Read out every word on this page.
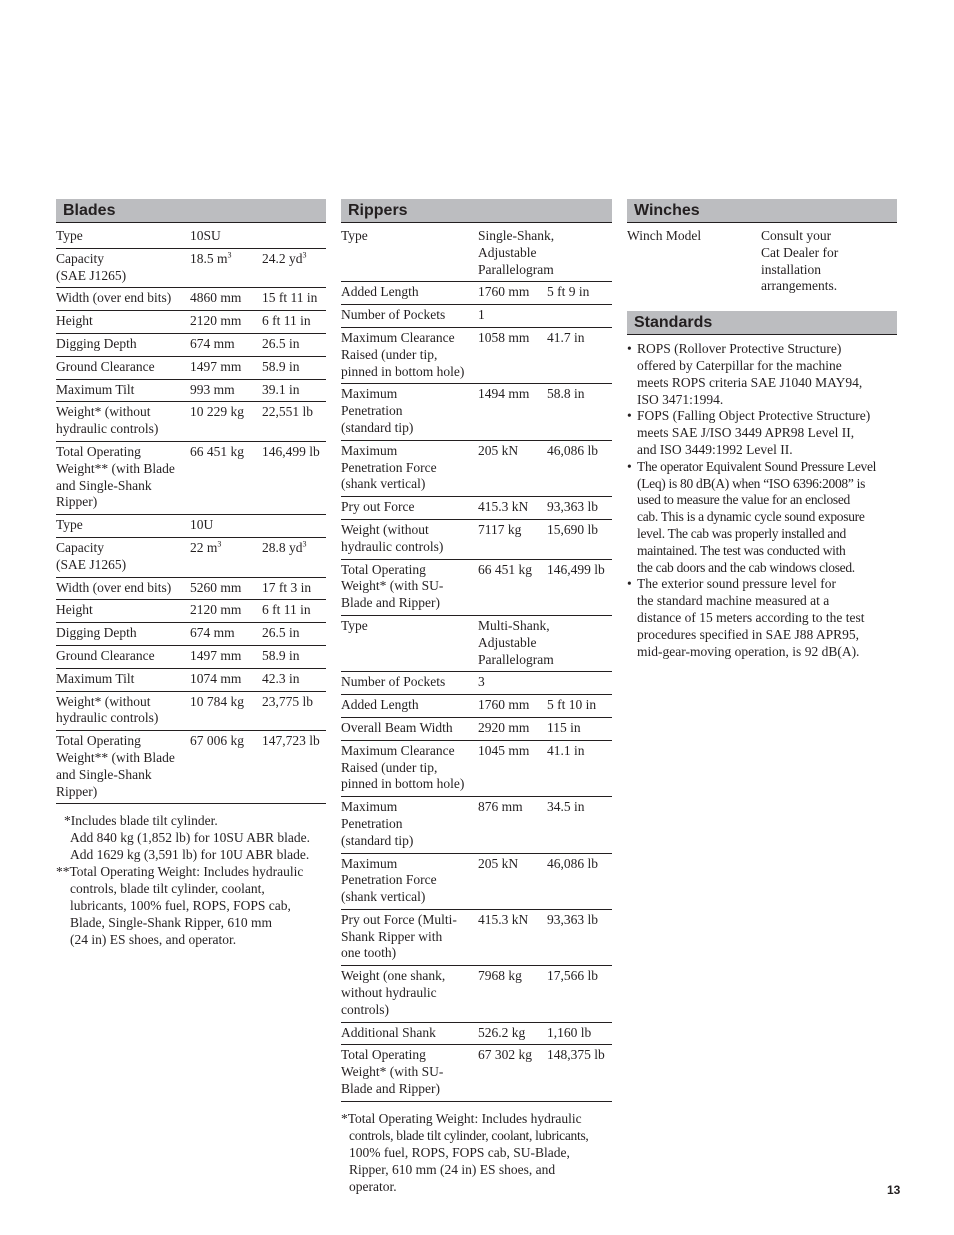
Blades
Type	10SU	
Capacity
(SAE J1265)	18.5 $m^3$	24.2 $yd^3$
Width (over end bits)	4860 mm	15 ft 11 in
Height	2120 mm	6 ft 11 in
Digging Depth	674 mm	26.5 in
Ground Clearance	1497 mm	58.9 in
Maximum Tilt	993 mm	39.1 in
Weight* (without
hydraulic controls)	10 229 kg	22,551 lb
Total Operating
Weight** (with Blade
and Single-Shank
Ripper)	66 451 kg	146,499 lb
Type	10U	
Capacity
(SAE J1265)	22 $m^3$	28.8 $yd^3$
Width (over end bits)	5260 mm	17 ft 3 in
Height	2120 mm	6 ft 11 in
Digging Depth	674 mm	26.5 in
Ground Clearance	1497 mm	58.9 in
Maximum Tilt	1074 mm	42.3 in
Weight* (without
hydraulic controls)	10 784 kg	23,775 lb
Total Operating
Weight** (with Blade
and Single-Shank
Ripper)	67 006 kg	147,723 lb
*Includes blade tilt cylinder.
Add 840 kg (1,852 lb) for 10SU ABR blade.
Add 1629 kg (3,591 lb) for 10U ABR blade.
**Total Operating Weight: Includes hydraulic
controls, blade tilt cylinder, coolant,
lubricants, 100% fuel, ROPS, FOPS cab,
Blade, Single-Shank Ripper, 610 mm
(24 in) ES shoes, and operator.
Rippers
Type	Single-Shank,
Adjustable
Parallelogram	
Added Length	1760 mm	5 ft 9 in
Number of Pockets	1	
Maximum Clearance
Raised (under tip,
pinned in bottom hole)	1058 mm	41.7 in
Maximum
Penetration
(standard tip)	1494 mm	58.8 in
Maximum
Penetration Force
(shank vertical)	205 kN	46,086 lb
Pry out Force	415.3 kN	93,363 lb
Weight (without
hydraulic controls)	7117 kg	15,690 lb
Total Operating
Weight* (with SU-
Blade and Ripper)	66 451 kg	146,499 lb
Type	Multi-Shank,
Adjustable
Parallelogram	
Number of Pockets	3	
Added Length	1760 mm	5 ft 10 in
Overall Beam Width	2920 mm	115 in
Maximum Clearance
Raised (under tip,
pinned in bottom hole)	1045 mm	41.1 in
Maximum
Penetration
(standard tip)	876 mm	34.5 in
Maximum
Penetration Force
(shank vertical)	205 kN	46,086 lb
Pry out Force (Multi-
Shank Ripper with
one tooth)	415.3 kN	93,363 lb
Weight (one shank,
without hydraulic
controls)	7968 kg	17,566 lb
Additional Shank	526.2 kg	1,160 lb
Total Operating
Weight* (with SU-
Blade and Ripper)	67 302 kg	148,375 lb
*Total Operating Weight: Includes hydraulic
controls, blade tilt cylinder, coolant, lubricants,
100% fuel, ROPS, FOPS cab, SU-Blade,
Ripper, 610 mm (24 in) ES shoes, and
operator.
Winches
Winch Model	Consult your
Cat Dealer for
installation
arrangements.
Standards
• ROPS (Rollover Protective Structure)
offered by Caterpillar for the machine
meets ROPS criteria SAE J1040 MAY94,
ISO 3471:1994.
• FOPS (Falling Object Protective Structure)
meets SAE J/ISO 3449 APR98 Level II,
and ISO 3449:1992 Level II.
• The operator Equivalent Sound Pressure Level
(Leq) is 80 dB(A) when “ISO 6396:2008” is
used to measure the value for an enclosed
cab. This is a dynamic cycle sound exposure
level. The cab was properly installed and
maintained. The test was conducted with
the cab doors and the cab windows closed.
• The exterior sound pressure level for
the standard machine measured at a
distance of 15 meters according to the test
procedures specified in SAE J88 APR95,
mid-gear-moving operation, is 92 dB(A).
13
